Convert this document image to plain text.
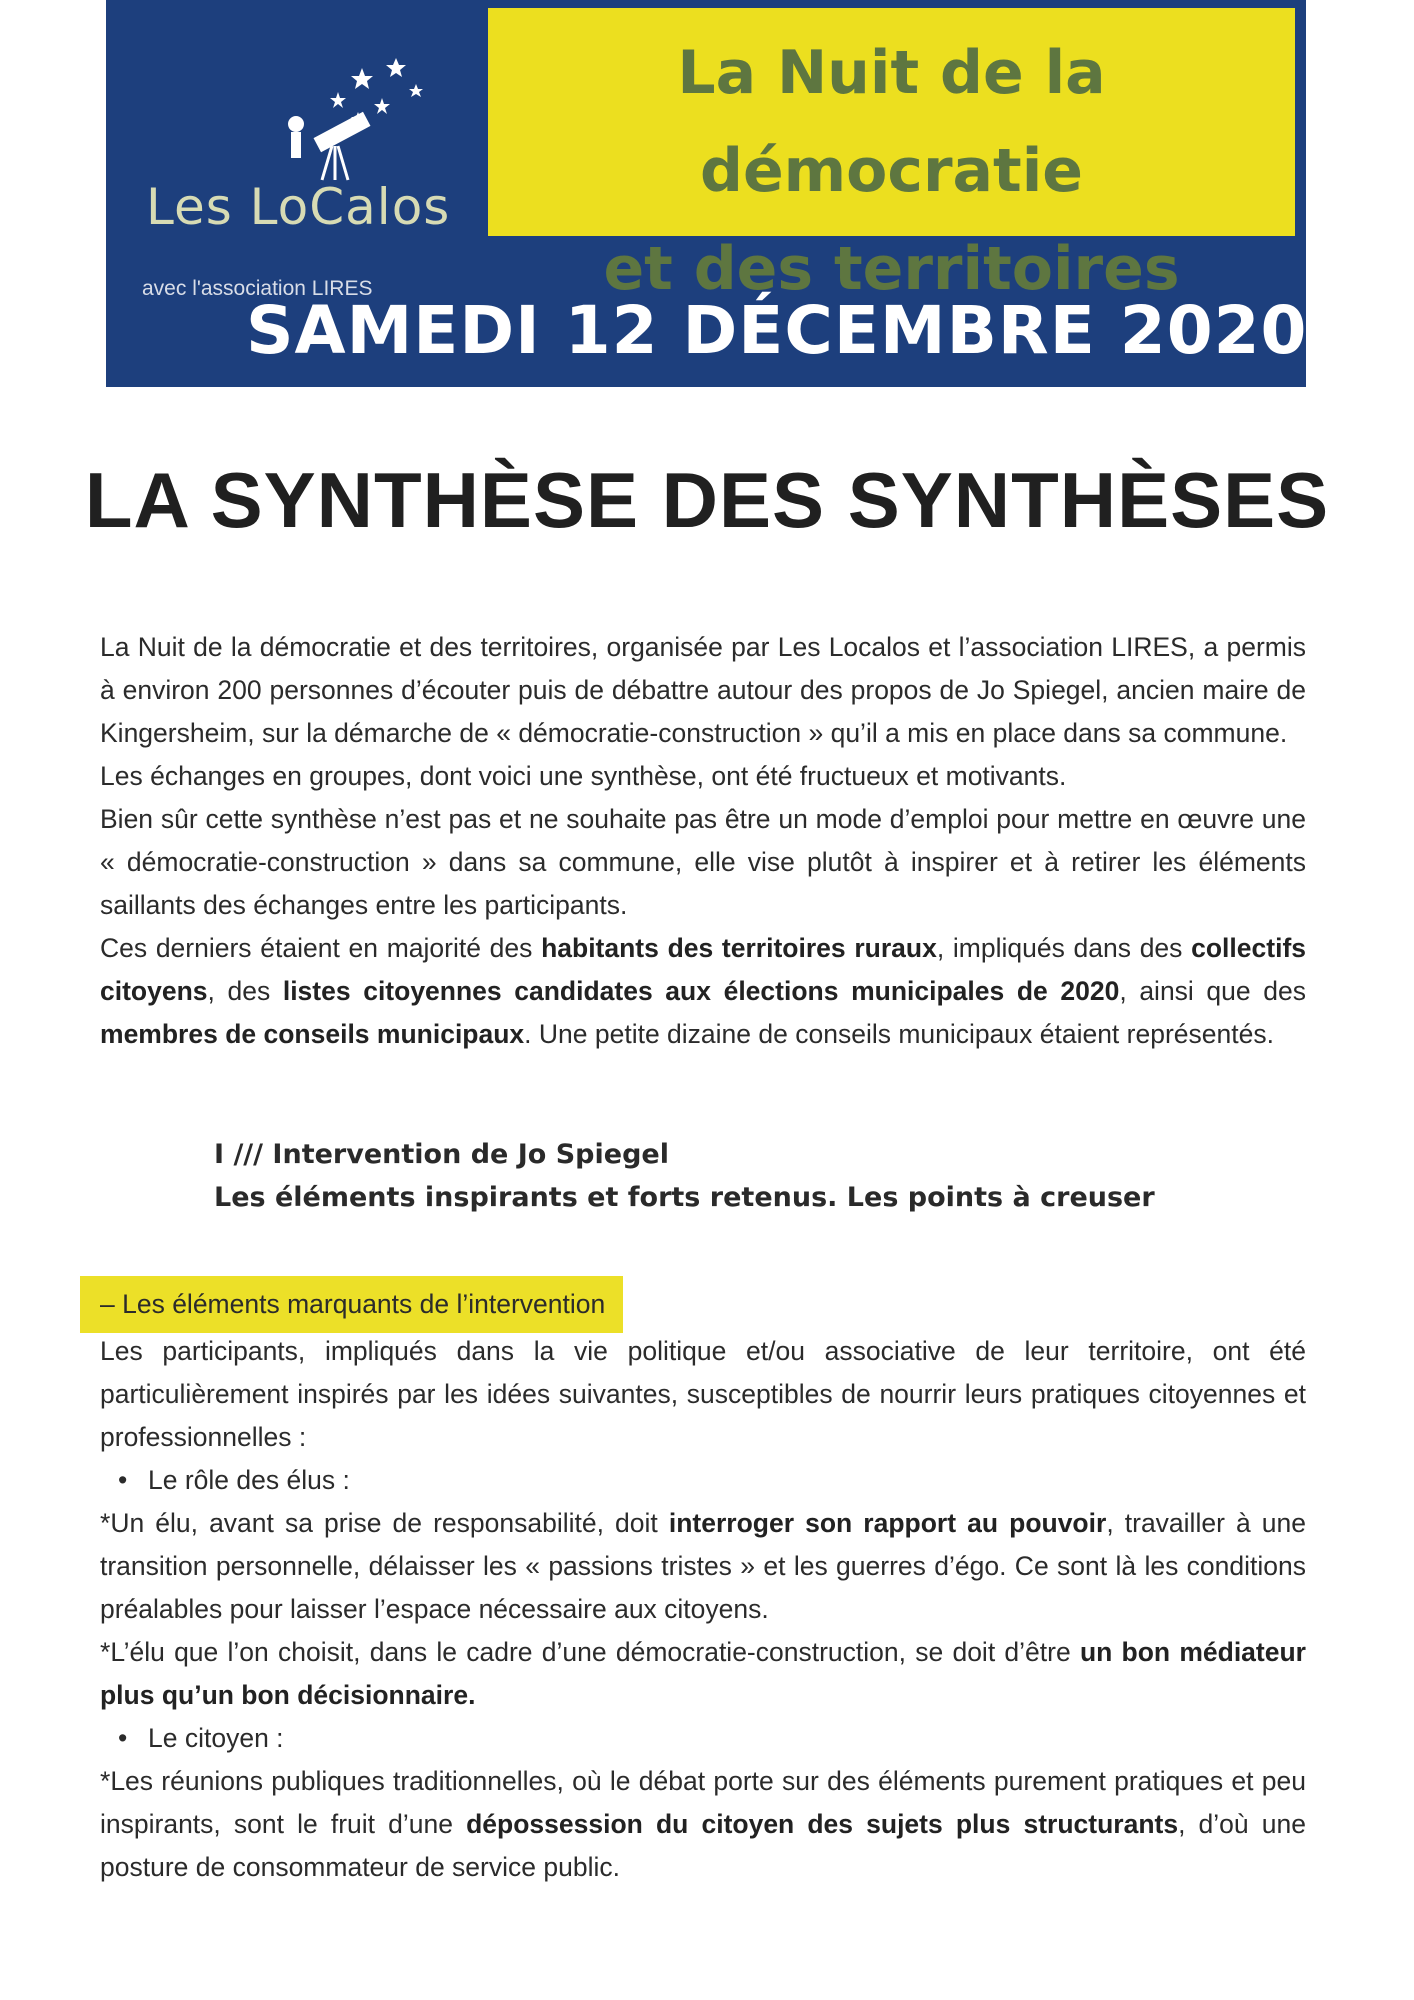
Les LoCalos
La Nuit de la démocratie
et des territoires
avec l'association LIRES
SAMEDI 12 DÉCEMBRE 2020
LA SYNTHÈSE DES SYNTHÈSES

La Nuit de la démocratie et des territoires, organisée par Les Localos et l’association LIRES, a permis à environ 200 personnes d’écouter puis de débattre autour des propos de Jo Spiegel, ancien maire de Kingersheim, sur la démarche de « démocratie-construction » qu’il a mis en place dans sa commune.

Les échanges en groupes, dont voici une synthèse, ont été fructueux et motivants.

Bien sûr cette synthèse n’est pas et ne souhaite pas être un mode d’emploi pour mettre en œuvre une « démocratie-construction » dans sa commune, elle vise plutôt à inspirer et à retirer les éléments saillants des échanges entre les participants.

Ces derniers étaient en majorité des habitants des territoires ruraux, impliqués dans des collectifs citoyens, des listes citoyennes candidates aux élections municipales de 2020, ainsi que des membres de conseils municipaux. Une petite dizaine de conseils municipaux étaient représentés.

I /// Intervention de Jo Spiegel
Les éléments inspirants et forts retenus. Les points à creuser
– Les éléments marquants de l’intervention

Les participants, impliqués dans la vie politique et/ou associative de leur territoire, ont été particulièrement inspirés par les idées suivantes, susceptibles de nourrir leurs pratiques citoyennes et professionnelles :

• Le rôle des élus :

*Un élu, avant sa prise de responsabilité, doit interroger son rapport au pouvoir, travailler à une transition personnelle, délaisser les « passions tristes » et les guerres d’égo. Ce sont là les conditions préalables pour laisser l’espace nécessaire aux citoyens.

*L’élu que l’on choisit, dans le cadre d’une démocratie-construction, se doit d’être un bon médiateur plus qu’un bon décisionnaire.

• Le citoyen :

*Les réunions publiques traditionnelles, où le débat porte sur des éléments purement pratiques et peu inspirants, sont le fruit d’une dépossession du citoyen des sujets plus structurants, d’où une posture de consommateur de service public.
